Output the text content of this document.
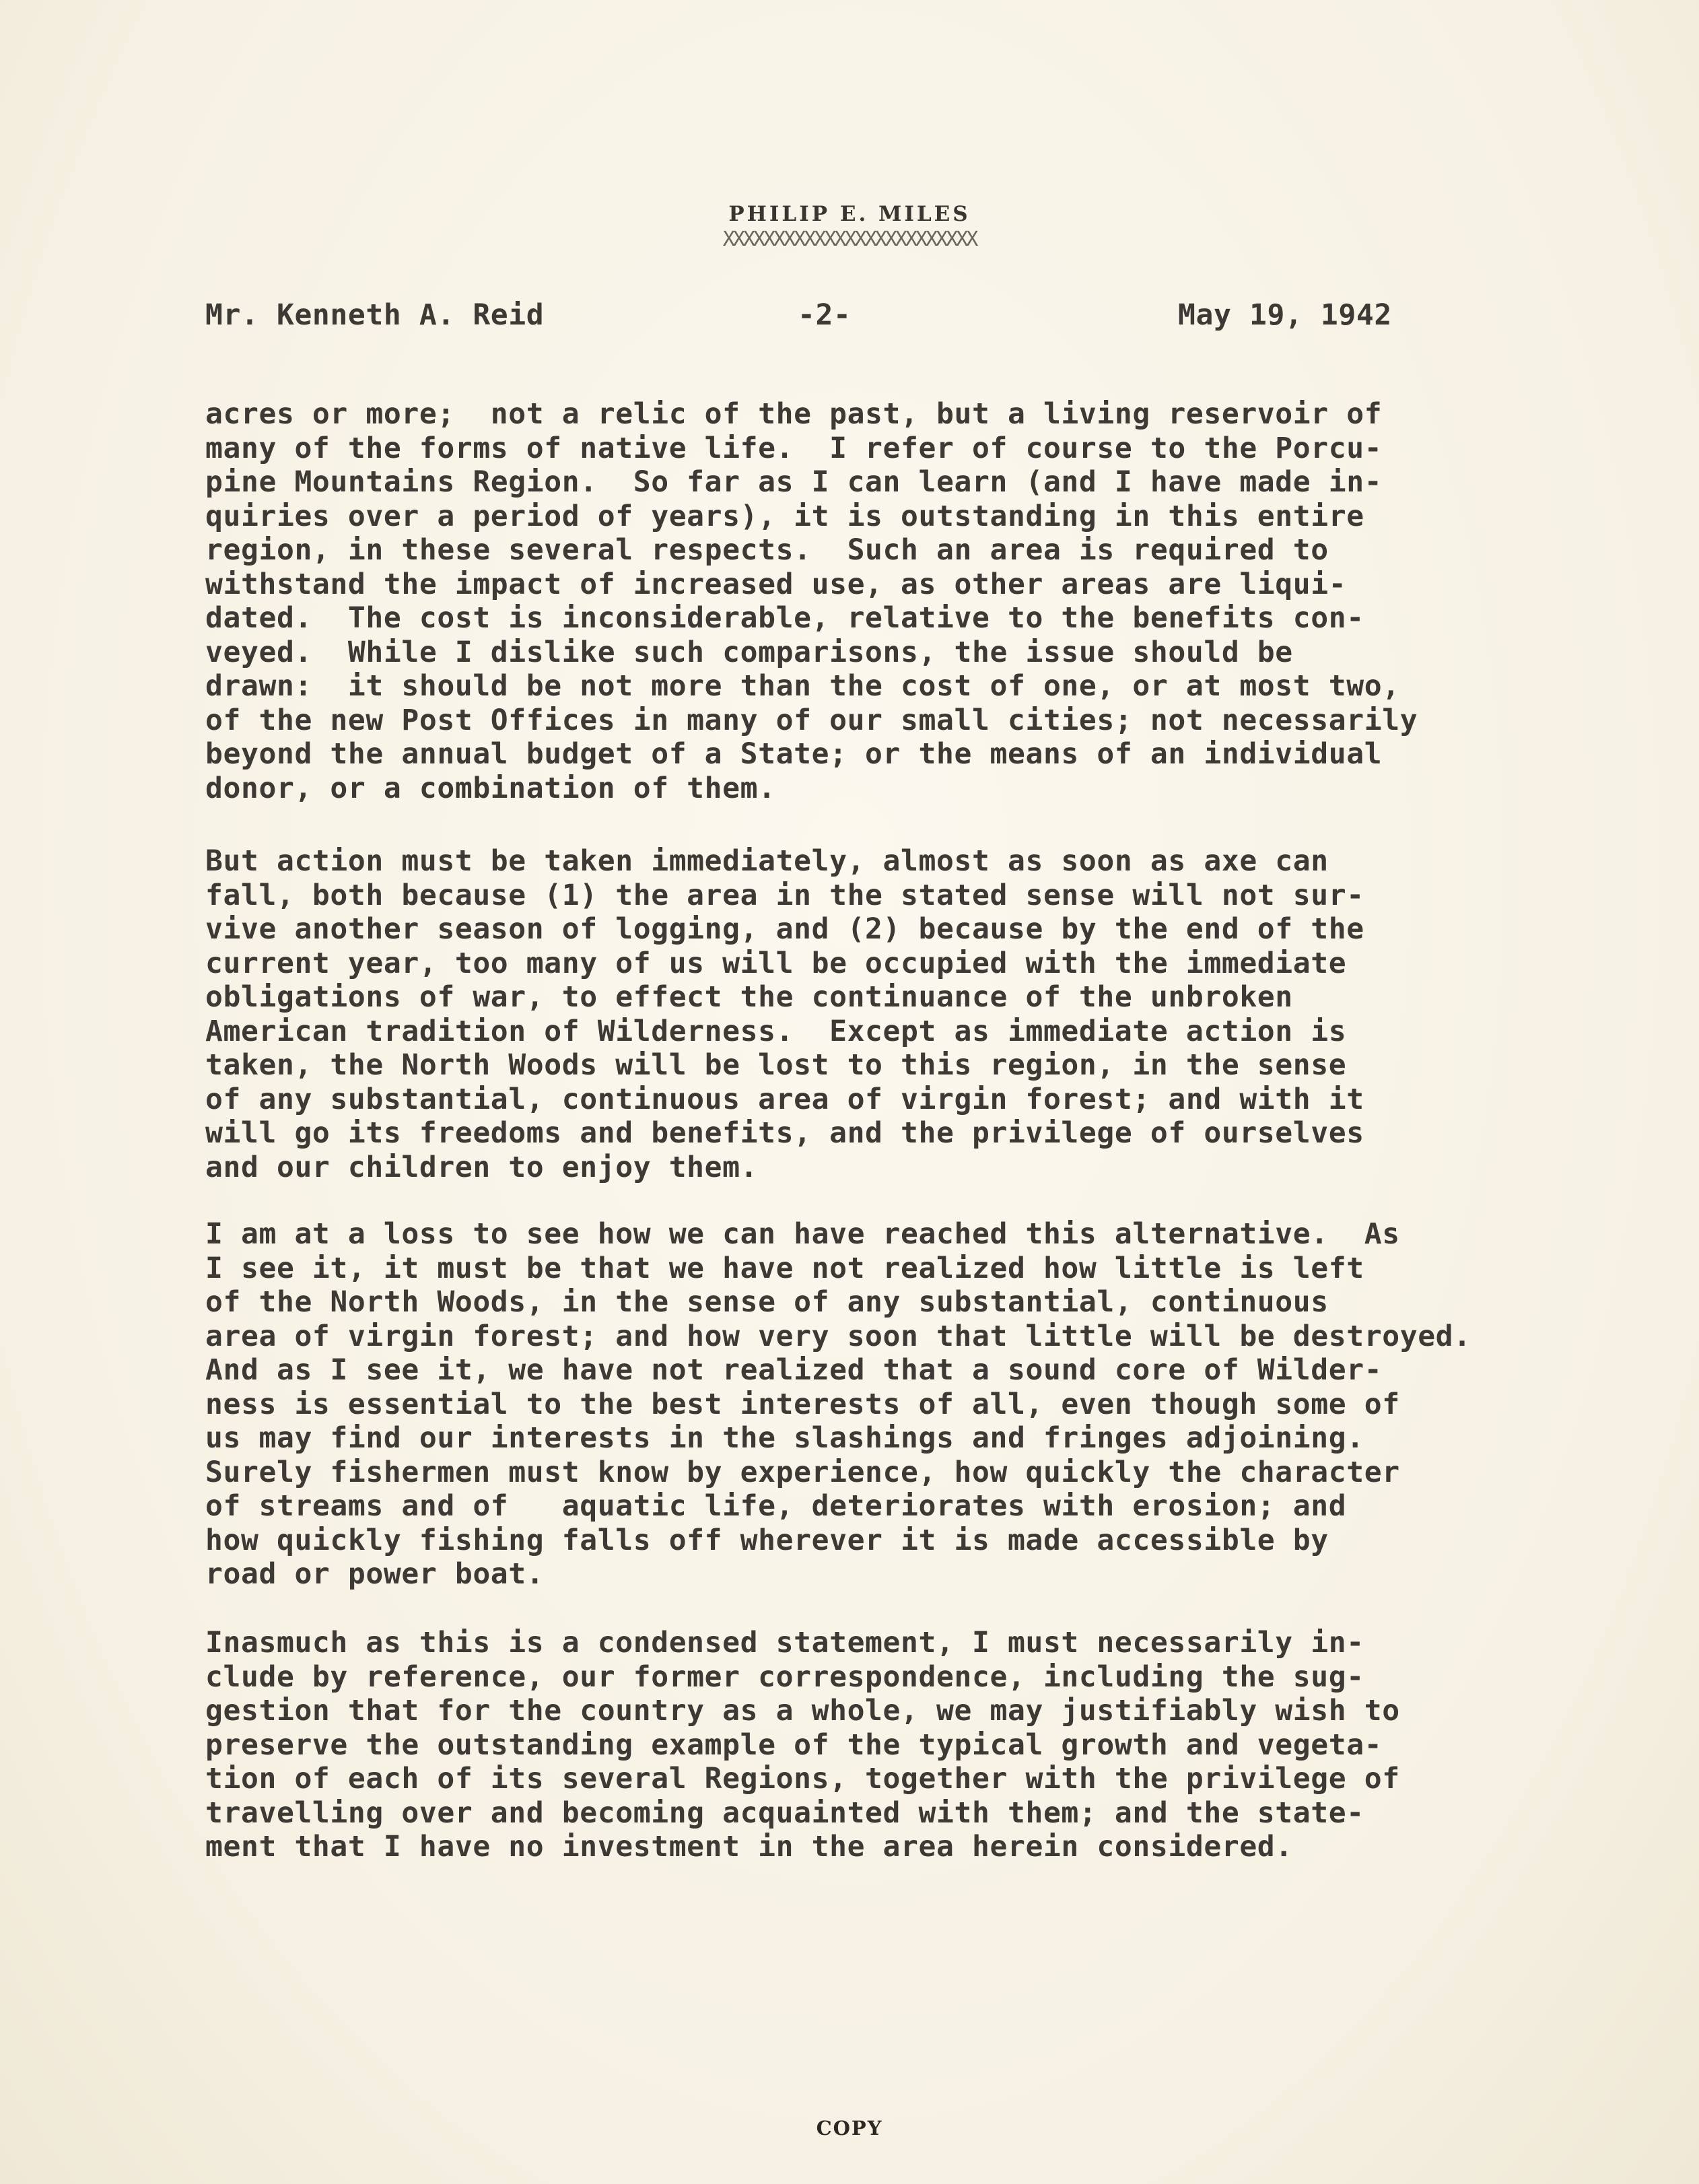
PHILIP E. MILES
XXXXXXXXXXXXXXXXXXXXXXXXX
Mr. Kenneth A. Reid	-2-	May 19, 1942
acres or more;  not a relic of the past, but a living reservoir of
many of the forms of native life.  I refer of course to the Porcu-
pine Mountains Region.  So far as I can learn (and I have made in-
quiries over a period of years), it is outstanding in this entire
region, in these several respects.  Such an area is required to
withstand the impact of increased use, as other areas are liqui-
dated.  The cost is inconsiderable, relative to the benefits con-
veyed.  While I dislike such comparisons, the issue should be
drawn:  it should be not more than the cost of one, or at most two,
of the new Post Offices in many of our small cities; not necessarily
beyond the annual budget of a State; or the means of an individual
donor, or a combination of them.
But action must be taken immediately, almost as soon as axe can
fall, both because (1) the area in the stated sense will not sur-
vive another season of logging, and (2) because by the end of the
current year, too many of us will be occupied with the immediate
obligations of war, to effect the continuance of the unbroken
American tradition of Wilderness.  Except as immediate action is
taken, the North Woods will be lost to this region, in the sense
of any substantial, continuous area of virgin forest; and with it
will go its freedoms and benefits, and the privilege of ourselves
and our children to enjoy them.
I am at a loss to see how we can have reached this alternative.  As
I see it, it must be that we have not realized how little is left
of the North Woods, in the sense of any substantial, continuous
area of virgin forest; and how very soon that little will be destroyed.
And as I see it, we have not realized that a sound core of Wilder-
ness is essential to the best interests of all, even though some of
us may find our interests in the slashings and fringes adjoining.
Surely fishermen must know by experience, how quickly the character
of streams and of   aquatic life, deteriorates with erosion; and
how quickly fishing falls off wherever it is made accessible by
road or power boat.
Inasmuch as this is a condensed statement, I must necessarily in-
clude by reference, our former correspondence, including the sug-
gestion that for the country as a whole, we may justifiably wish to
preserve the outstanding example of the typical growth and vegeta-
tion of each of its several Regions, together with the privilege of
travelling over and becoming acquainted with them; and the state-
ment that I have no investment in the area herein considered.
COPY
